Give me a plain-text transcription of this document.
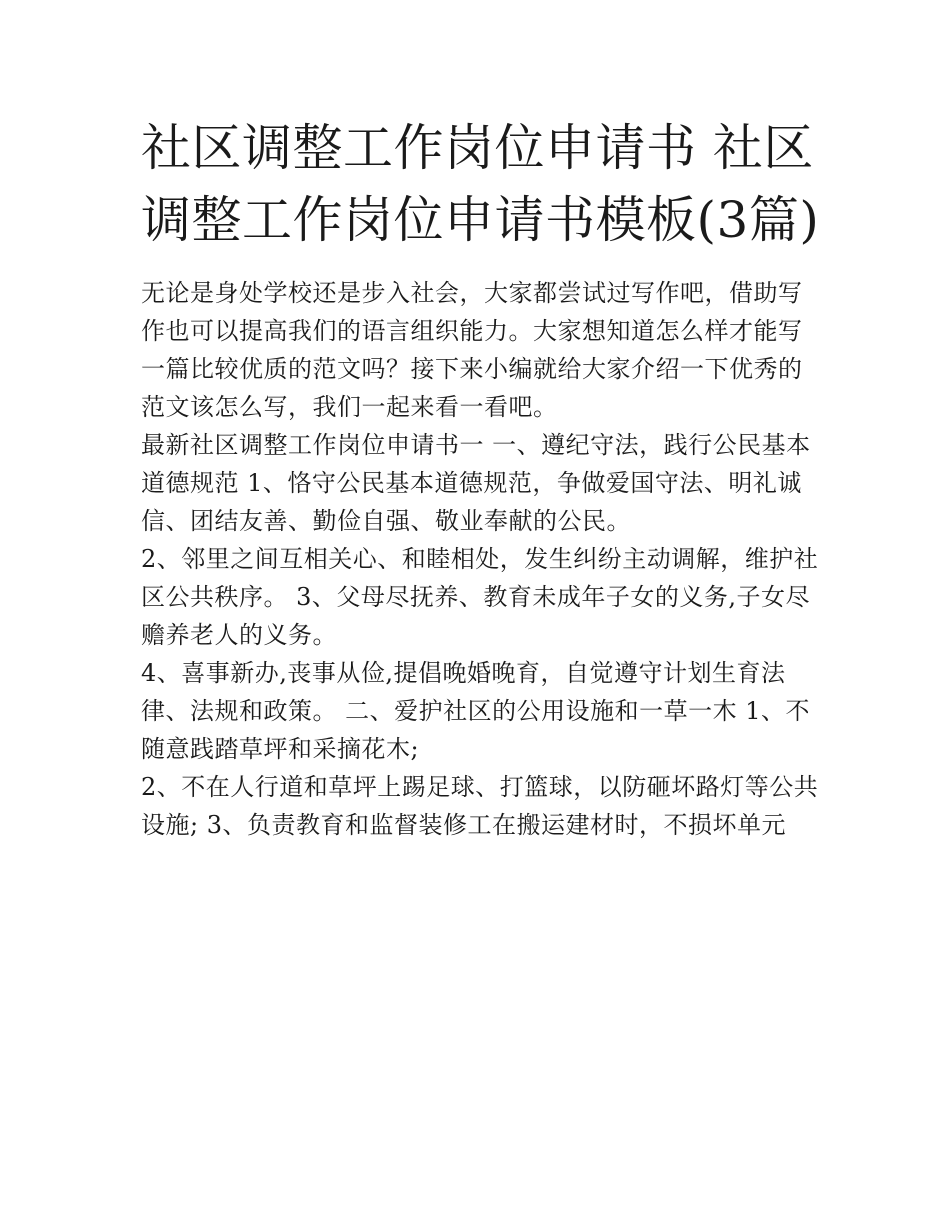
社区调整工作岗位申请书 社区调整工作岗位申请书模板(3篇)

无论是身处学校还是步入社会，大家都尝试过写作吧，借助写作也可以提高我们的语言组织能力。大家想知道怎么样才能写一篇比较优质的范文吗？接下来小编就给大家介绍一下优秀的范文该怎么写，我们一起来看一看吧。

最新社区调整工作岗位申请书一 一、遵纪守法，践行公民基本道德规范 1、恪守公民基本道德规范，争做爱国守法、明礼诚信、团结友善、勤俭自强、敬业奉献的公民。

2、邻里之间互相关心、和睦相处，发生纠纷主动调解，维护社区公共秩序。 3、父母尽抚养、教育未成年子女的义务,子女尽赡养老人的义务。

4、喜事新办,丧事从俭,提倡晚婚晚育，自觉遵守计划生育法律、法规和政策。 二、爱护社区的公用设施和一草一木 1、不随意践踏草坪和采摘花木;

2、不在人行道和草坪上踢足球、打篮球，以防砸坏路灯等公共设施; 3、负责教育和监督装修工在搬运建材时，不损坏单元
